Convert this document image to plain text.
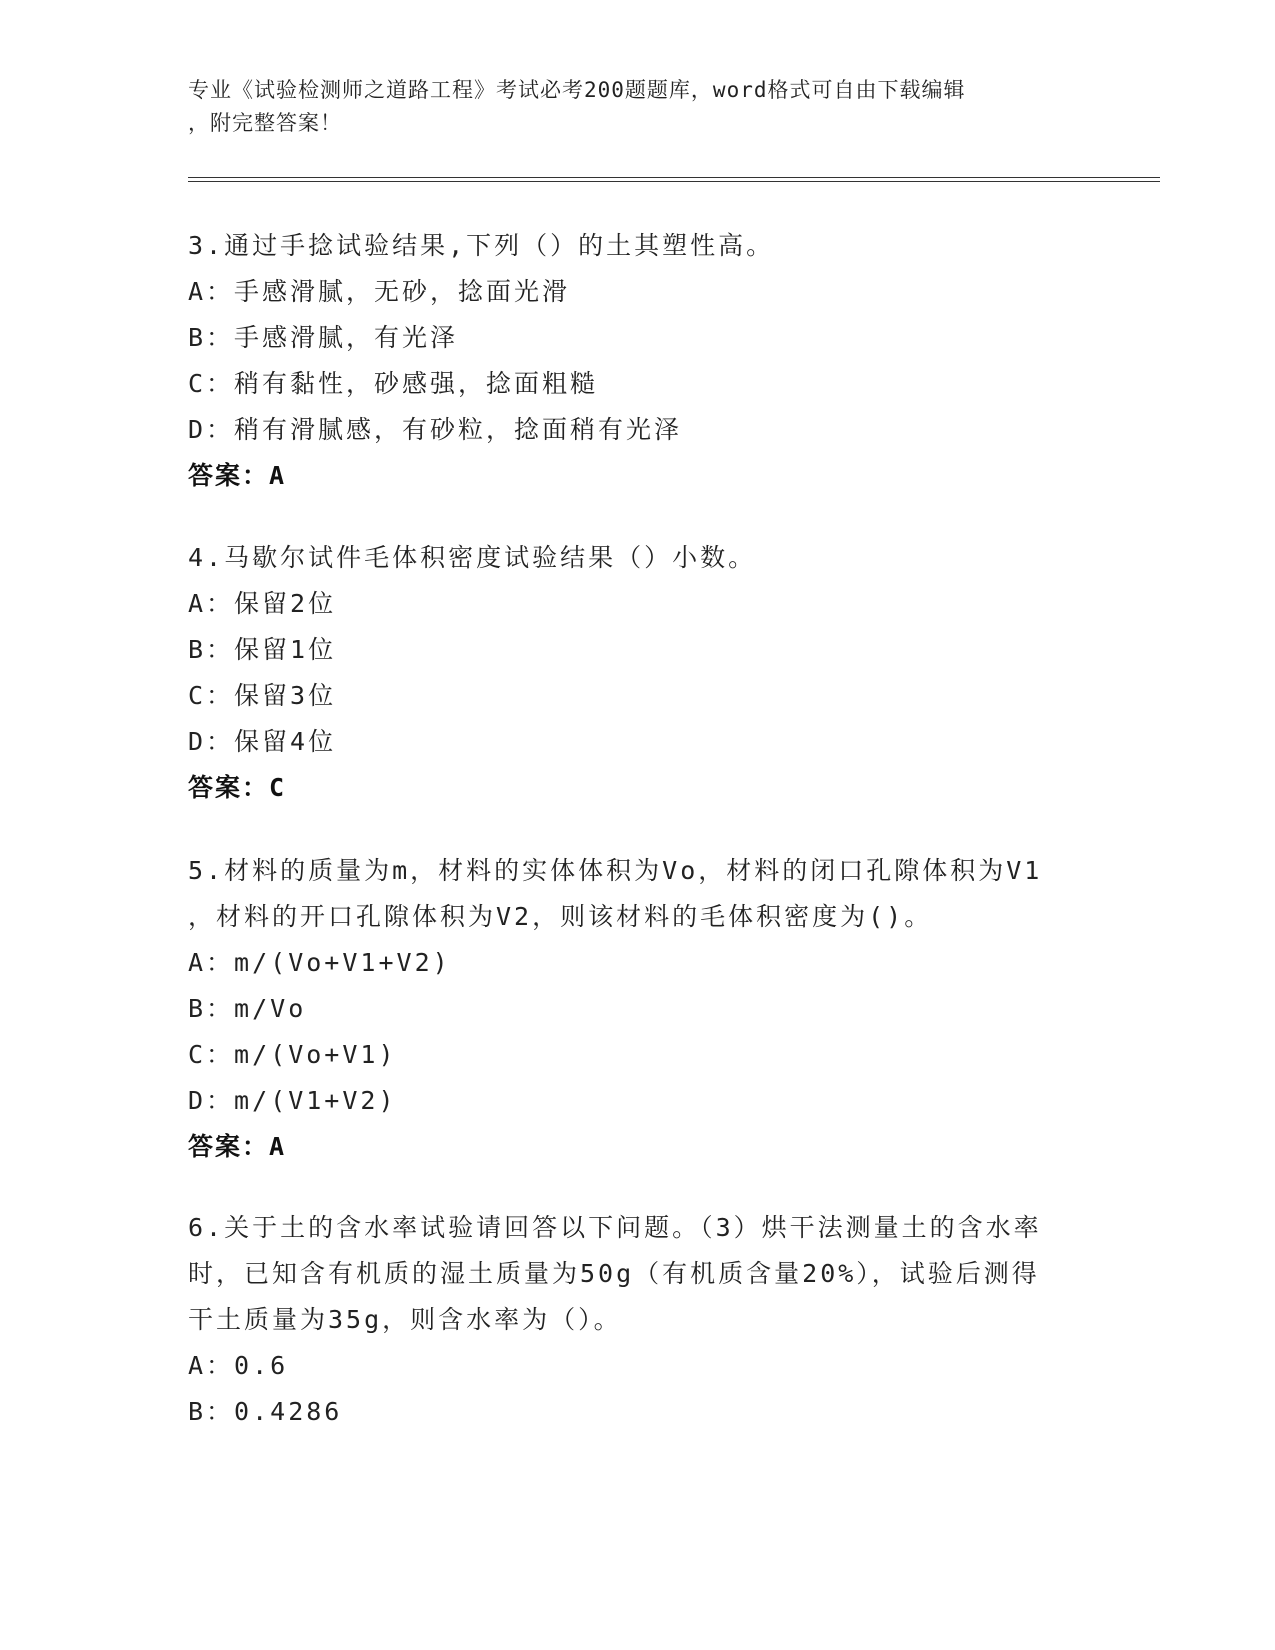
专业《试验检测师之道路工程》考试必考200题题库，word格式可自由下载编辑
，附完整答案！

3.通过手捻试验结果,下列（）的土其塑性高。

A：手感滑腻，无砂，捻面光滑

B：手感滑腻，有光泽

C：稍有黏性，砂感强，捻面粗糙

D：稍有滑腻感，有砂粒，捻面稍有光泽

答案：A

4.马歇尔试件毛体积密度试验结果（）小数。

A：保留2位

B：保留1位

C：保留3位

D：保留4位

答案：C

5.材料的质量为m，材料的实体体积为Vo，材料的闭口孔隙体积为V1

，材料的开口孔隙体积为V2，则该材料的毛体积密度为()。

A：m/(Vo+V1+V2)

B：m/Vo

C：m/(Vo+V1)

D：m/(V1+V2)

答案：A

6.关于土的含水率试验请回答以下问题。（3）烘干法测量土的含水率

时，已知含有机质的湿土质量为50g（有机质含量20%），试验后测得

干土质量为35g，则含水率为（）。

A：0.6

B：0.4286
